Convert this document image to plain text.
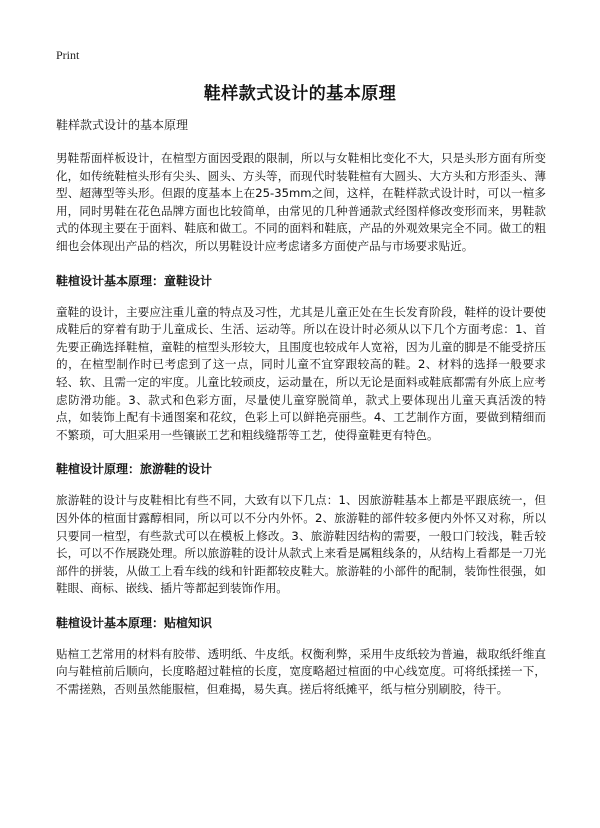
Print
鞋样款式设计的基本原理

鞋样款式设计的基本原理

男鞋帮面样板设计，在楦型方面因受跟的限制，所以与女鞋相比变化不大，只是头形方面有所变化，如传统鞋楦头形有尖头、圆头、方头等，而现代时装鞋楦有大圆头、大方头和方形歪头、薄型、超薄型等头形。但跟的度基本上在25-35mm之间，这样，在鞋样款式设计时，可以一楦多用，同时男鞋在花色品牌方面也比较简单，由常见的几种普通款式经图样修改变形而来，男鞋款式的体现主要在于面料、鞋底和做工。不同的面料和鞋底，产品的外观效果完全不同。做工的粗细也会体现出产品的档次，所以男鞋设计应考虑诸多方面使产品与市场要求贴近。

鞋楦设计基本原理：童鞋设计

童鞋的设计，主要应注重儿童的特点及习性，尤其是儿童正处在生长发育阶段，鞋样的设计要使成鞋后的穿着有助于儿童成长、生活、运动等。所以在设计时必须从以下几个方面考虑：1、首先要正确选择鞋楦，童鞋的楦型头形较大，且围度也较成年人宽裕，因为儿童的脚是不能受挤压的，在楦型制作时已考虑到了这一点，同时儿童不宜穿跟较高的鞋。2、材料的选择一般要求轻、软、且需一定的牢度。儿童比较顽皮，运动量在，所以无论是面料或鞋底都需有外底上应考虑防滑功能。3、款式和色彩方面，尽量使儿童穿脱简单，款式上要体现出儿童天真活泼的特点，如装饰上配有卡通图案和花纹，色彩上可以鲜艳亮丽些。4、工艺制作方面，要做到精细而不繁琐，可大胆采用一些镶嵌工艺和粗线缝帮等工艺，使得童鞋更有特色。

鞋楦设计原理：旅游鞋的设计

旅游鞋的设计与皮鞋相比有些不同，大致有以下几点：1、因旅游鞋基本上都是平跟底统一，但因外体的楦面甘露醇相同，所以可以不分内外怀。2、旅游鞋的部件较多便内外怀又对称，所以只要同一楦型，有些款式可以在模板上修改。3、旅游鞋因结构的需要，一般口门较浅，鞋舌较长，可以不作展跷处理。所以旅游鞋的设计从款式上来看是属粗线条的，从结构上看都是一刀光部件的拼装，从做工上看车线的线和针距都较皮鞋大。旅游鞋的小部件的配制，装饰性很强，如鞋眼、商标、嵌线、插片等都起到装饰作用。

鞋楦设计基本原理：贴楦知识

贴楦工艺常用的材料有胶带、透明纸、牛皮纸。权衡利弊，采用牛皮纸较为普遍，裁取纸纤维直向与鞋楦前后顺向，长度略超过鞋楦的长度，宽度略超过楦面的中心线宽度。可将纸揉搓一下，不需搓熟，否则虽然能服楦，但难揭，易失真。搓后将纸摊平，纸与楦分别刷胶，待干。
